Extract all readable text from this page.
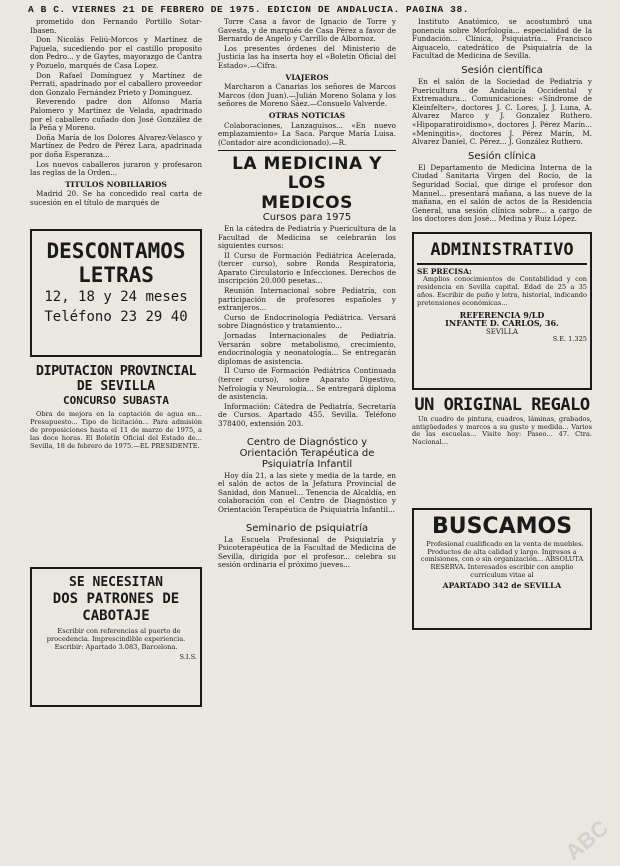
A B C. VIERNES 21 DE FEBRERO DE 1975. EDICION DE ANDALUCIA. PAGINA 38.

prometido don Fernando Portillo Sotar-Ibasen.

Don Nicolás Feliú-Morcos y Martínez de Pajuela, sucediendo por el castillo proposito don Pedro... y de Gaytes, mayorazgo de Cantra y Pozuelo, marqués de Casa Lopez.

Don Rafael Domínguez y Martínez de Perrati, apadrinado por el caballero proveedor don Gonzalo Fernández Prieto y Dominguez.

Reverendo padre don Alfonso María Palomero y Martínez de Velada, apadrinado por el caballero cuñado don José González de la Peña y Moreno.

Doña María de los Dolores Alvarez-Velasco y Martínez de Pedro de Pérez Lara, apadrinada por doña Esperanza...

Los nuevos caballeros juraron y profesaron las reglas de la Orden...

TITULOS NOBILIARIOS

Madrid 20. Se ha concedido real carta de sucesión en el título de marqués de

DESCONTAMOS
LETRAS
12, 18 y 24 meses
Teléfono 23 29 40
DIPUTACION PROVINCIAL
DE SEVILLA
CONCURSO SUBASTA

Obra de mejora en la captación de agua en... Presupuesto... Tipo de licitación... Para admisión de proposiciones hasta el 11 de marzo de 1975, a las doce horas. El Boletín Oficial del Estado de... Sevilla, 18 de febrero de 1975.—EL PRESIDENTE.

SE NECESITAN
DOS PATRONES DE
CABOTAJE

Escribir con referencias al puerto de procedencia. Imprescindible experiencia. Escribir: Apartado 3.083, Barcelona.

S.I.S.

Torre Casa a favor de Ignacio de Torre y Gavesta, y de marqués de Casa Pérez a favor de Bernardo de Angelo y Carrillo de Albornoz.

Los presentes órdenes del Ministerio de Justicia las ha inserta hoy el «Boletín Oficial del Estado».—Cifra.

VIAJEROS

Marcharon a Canarias los señores de Marcos Marcos (don Juan).—Julián Moreno Solana y los señores de Moreno Sáez.—Consuelo Valverde.

OTRAS NOTICIAS

Colaboraciones, Lanzaguisos... «En nuevo emplazamiento» La Saca. Parque María Luisa. (Contador aire acondicionado).—R.

LA MEDICINA Y LOS
MEDICOS
Cursos para 1975

En la cátedra de Pediatría y Puericultura de la Facultad de Medicina se celebrarán los siguientes cursos:

II Curso de Formación Pediátrica Acelerada, (tercer curso), sobre Ronda Respiratoria, Aparato Circulatorio e Infecciones. Derechos de inscripción 20.000 pesetas...

Reunión Internacional sobre Pediatría, con participación de profesores españoles y extranjeros...

Curso de Endocrinología Pediátrica. Versará sobre Diagnóstico y tratamiento...

Jornadas Internacionales de Pediatría. Versarán sobre metabolismo, crecimiento, endocrinología y neonatología... Se entregarán diplomas de asistencia.

II Curso de Formación Pediátrica Continuada (tercer curso), sobre Aparato Digestivo, Nefrología y Neurología... Se entregará diploma de asistencia.

Información: Cátedra de Pediatría, Secretaría de Cursos. Apartado 455. Sevilla. Teléfono 378400, extensión 203.

Centro de Diagnóstico y Orientación Terapéutica de Psiquiatría Infantil

Hoy día 21, a las siete y media de la tarde, en el salón de actos de la Jefatura Provincial de Sanidad, don Manuel... Tenencia de Alcaldía, en colaboración con el Centro de Diagnóstico y Orientación Terapéutica de Psiquiatría Infantil...

Seminario de psiquiatría

La Escuela Profesional de Psiquiatría y Psicoterapéutica de la Facultad de Medicina de Sevilla, dirigida por el profesor... celebra su sesión ordinaria el próximo jueves...

Instituto Anatómico, se acostumbró una ponencia sobre Morfología... especialidad de la Fundación... Clínica, Psiquiatría... Francisco Aiguacelo, catedrático de Psiquiatría de la Facultad de Medicina de Sevilla.

Sesión científica

En el salón de la Sociedad de Pediatría y Puericultura de Andalucía Occidental y Extremadura... Comunicaciones: «Síndrome de Kleinfelter», doctores J. C. Lores, J. J. Luna, A. Alvarez Marco y J. Gonzalez Ruthero. «Hipoparatiroidismo», doctores J. Pérez Marín... «Meningitis», doctores J. Pérez Marín, M. Alvarez Daniel, C. Pérez... J. González Ruthero.

Sesión clínica

El Departamento de Medicina Interna de la Ciudad Sanitaria Virgen del Rocío, de la Seguridad Social, que dirige el profesor don Manuel... presentará mañana, a las nueve de la mañana, en el salón de actos de la Residencia General, una sesión clínica sobre... a cargo de los doctores don José... Medina y Ruiz López.

ADMINISTRATIVO
SE PRECISA:

Amplios conocimientos de Contabilidad y con residencia en Sevilla capital. Edad de 25 a 35 años. Escribir de puño y letra, historial, indicando pretensiones económicas...

REFERENCIA 9/LD
INFANTE D. CARLOS, 36.
SEVILLA
S.E. 1.325
UN ORIGINAL REGALO

Un cuadro de pintura, cuadros, láminas, grabados, antigüedades y marcos a su gusto y medida... Varios de las escuelas... Visite hoy: Paseo... 47. Ctra. Nacional...

BUSCAMOS

Profesional cualificado en la venta de muebles. Productos de alta calidad y largo. Ingresos a comisiones, con o sin organización... ABSOLUTA RESERVA. Interesados escribir con amplio currículum vitae al

APARTADO 342 de SEVILLA
ABC
